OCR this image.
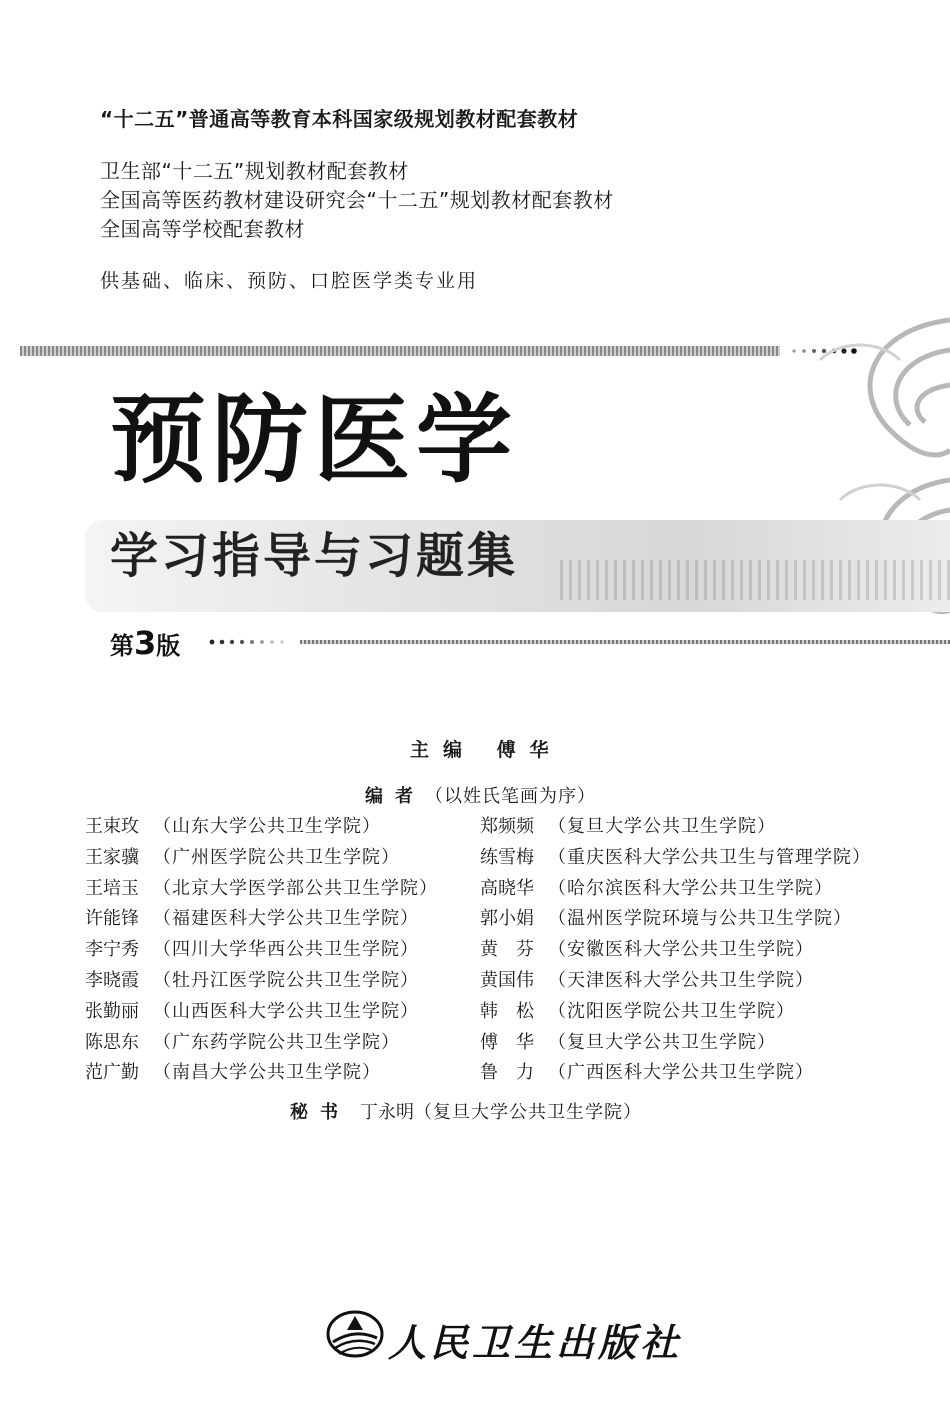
“十二五”普通高等教育本科国家级规划教材配套教材
卫生部“十二五”规划教材配套教材
全国高等医药教材建设研究会“十二五”规划教材配套教材
全国高等学校配套教材
供基础、临床、预防、口腔医学类专业用
预防医学
学习指导与习题集
第3版
主编 傅华
编者（以姓氏笔画为序）
王束玫 （山东大学公共卫生学院）
王家骥 （广州医学院公共卫生学院）
王培玉 （北京大学医学部公共卫生学院）
许能锋 （福建医科大学公共卫生学院）
李宁秀 （四川大学华西公共卫生学院）
李晓霞 （牡丹江医学院公共卫生学院）
张勤丽 （山西医科大学公共卫生学院）
陈思东 （广东药学院公共卫生学院）
范广勤 （南昌大学公共卫生学院）
郑频频 （复旦大学公共卫生学院）
练雪梅 （重庆医科大学公共卫生与管理学院）
高晓华 （哈尔滨医科大学公共卫生学院）
郭小娟 （温州医学院环境与公共卫生学院）
黄　芬 （安徽医科大学公共卫生学院）
黄国伟 （天津医科大学公共卫生学院）
韩　松 （沈阳医学院公共卫生学院）
傅　华 （复旦大学公共卫生学院）
鲁　力 （广西医科大学公共卫生学院）
秘书 丁永明（复旦大学公共卫生学院）
人民卫生出版社
